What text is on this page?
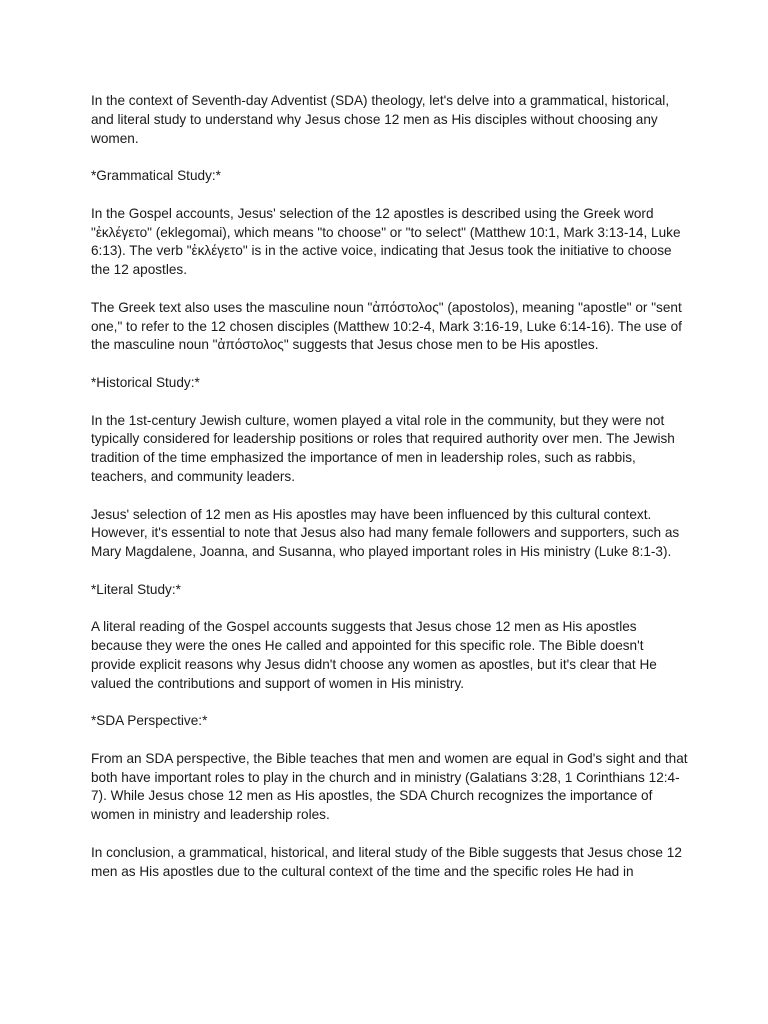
In the context of Seventh-day Adventist (SDA) theology, let's delve into a grammatical, historical, and literal study to understand why Jesus chose 12 men as His disciples without choosing any women.

*Grammatical Study:*

In the Gospel accounts, Jesus' selection of the 12 apostles is described using the Greek word "ἐκλέγετο" (eklegomai), which means "to choose" or "to select" (Matthew 10:1, Mark 3:13-14, Luke 6:13). The verb "ἐκλέγετο" is in the active voice, indicating that Jesus took the initiative to choose the 12 apostles.

The Greek text also uses the masculine noun "ἀπόστολος" (apostolos), meaning "apostle" or "sent one," to refer to the 12 chosen disciples (Matthew 10:2-4, Mark 3:16-19, Luke 6:14-16). The use of the masculine noun "ἀπόστολος" suggests that Jesus chose men to be His apostles.

*Historical Study:*

In the 1st-century Jewish culture, women played a vital role in the community, but they were not typically considered for leadership positions or roles that required authority over men. The Jewish tradition of the time emphasized the importance of men in leadership roles, such as rabbis, teachers, and community leaders.

Jesus' selection of 12 men as His apostles may have been influenced by this cultural context. However, it's essential to note that Jesus also had many female followers and supporters, such as Mary Magdalene, Joanna, and Susanna, who played important roles in His ministry (Luke 8:1-3).

*Literal Study:*

A literal reading of the Gospel accounts suggests that Jesus chose 12 men as His apostles because they were the ones He called and appointed for this specific role. The Bible doesn't provide explicit reasons why Jesus didn't choose any women as apostles, but it's clear that He valued the contributions and support of women in His ministry.

*SDA Perspective:*

From an SDA perspective, the Bible teaches that men and women are equal in God's sight and that both have important roles to play in the church and in ministry (Galatians 3:28, 1 Corinthians 12:4-7). While Jesus chose 12 men as His apostles, the SDA Church recognizes the importance of women in ministry and leadership roles.

In conclusion, a grammatical, historical, and literal study of the Bible suggests that Jesus chose 12 men as His apostles due to the cultural context of the time and the specific roles He had in
